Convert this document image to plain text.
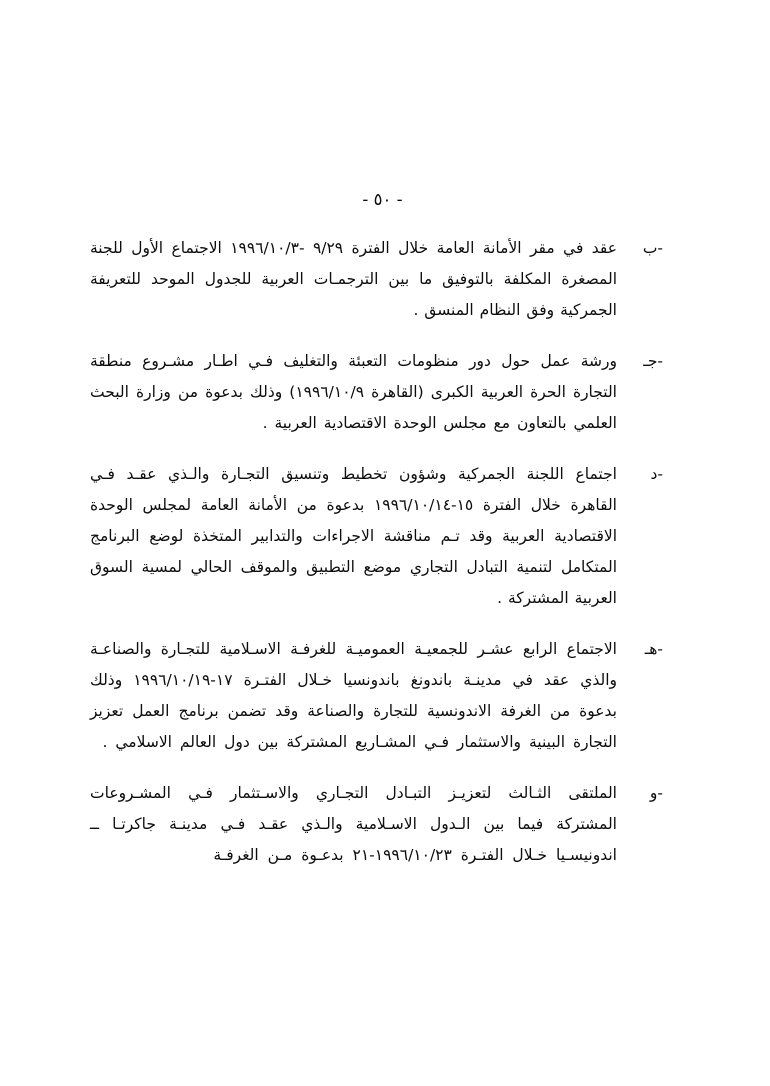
- ٥٠ -
-ب
عقد في مقر الأمانة العامة خلال الفترة ٩/٢٩ -١٩٩٦/١٠/٣ الاجتماع الأول للجنة المصغرة المكلفة بالتوفيق ما بين الترجمـات العربية للجدول الموحد للتعريفة الجمركية وفق النظام المنسق .
-جـ
ورشة عمل حول دور منظومات التعبئة والتغليف فـي اطـار مشـروع منطقة التجارة الحرة العربية الكبرى (القاهرة ١٩٩٦/١٠/٩) وذلك بدعوة من وزارة البحث العلمي بالتعاون مع مجلس الوحدة الاقتصادية العربية .
-د
اجتماع اللجنة الجمركية وشؤون تخطيط وتنسيق التجـارة والـذي عقـد فـي القاهرة خلال الفترة ١٥-١٩٩٦/١٠/١٤ بدعوة من الأمانة العامة لمجلس الوحدة الاقتصادية العربية وقد تـم مناقشة الاجراءات والتدابير المتخذة لوضع البرنامج المتكامل لتنمية التبادل التجاري موضع التطبيق والموقف الحالي لمسية السوق العربية المشتركة .
-هـ
الاجتماع الرابع عشـر للجمعيـة العموميـة للغرفـة الاسـلامية للتجـارة والصناعـة والذي عقد في مدينـة باندونغ باندونسيا خـلال الفتـرة ١٧-١٩٩٦/١٠/١٩ وذلك بدعوة من الغرفة الاندونسية للتجارة والصناعة وقد تضمن برنامج العمل تعزيز التجارة البينية والاستثمار فـي المشـاريع المشتركة بين دول العالم الاسلامي .
-و
الملتقى الثـالث لتعزيـز التبـادل التجـاري والاسـتثمار فـي المشـروعات المشتركة فيما بين الـدول الاسـلامية والـذي عقـد فـي مدينـة جاكرتـا ــ اندونيسـيا خـلال الفتـرة ١٩٩٦/١٠/٢٣-٢١ بدعـوة مـن الغرفـة
